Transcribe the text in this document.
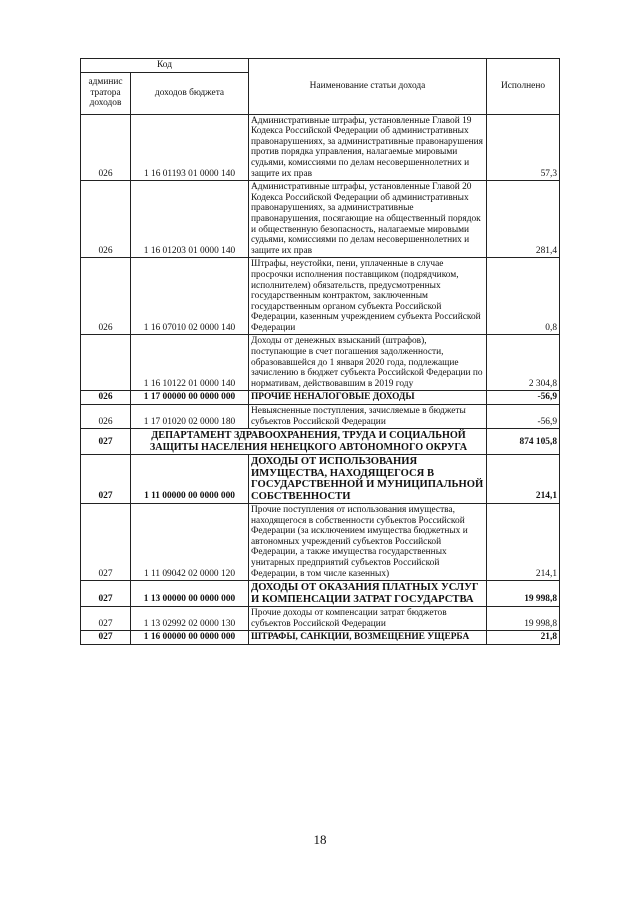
Код		Наименование статьи дохода	Исполнено
админис тратора доходов	доходов бюджета		
026	1 16 01193 01 0000 140	Административные штрафы, установленные Главой 19 Кодекса Российской Федерации об административных правонарушениях, за административные правонарушения против порядка управления, налагаемые мировыми судьями, комиссиями по делам несовершеннолетних и защите их прав	57,3
026	1 16 01203 01 0000 140	Административные штрафы, установленные Главой 20 Кодекса Российской Федерации об административных правонарушениях, за административные правонарушения, посягающие на общественный порядок и общественную безопасность, налагаемые мировыми судьями, комиссиями по делам несовершеннолетних и защите их прав	281,4
026	1 16 07010 02 0000 140	Штрафы, неустойки, пени, уплаченные в случае просрочки исполнения поставщиком (подрядчиком, исполнителем) обязательств, предусмотренных государственным контрактом, заключенным государственным органом субъекта Российской Федерации, казенным учреждением субъекта Российской Федерации	0,8
	1 16 10122 01 0000 140	Доходы от денежных взысканий (штрафов), поступающие в счет погашения задолженности, образовавшейся до 1 января 2020 года, подлежащие зачислению в бюджет субъекта Российской Федерации по нормативам, действовавшим в 2019 году	2 304,8
026	1 17 00000 00 0000 000	ПРОЧИЕ НЕНАЛОГОВЫЕ ДОХОДЫ	-56,9
026	1 17 01020 02 0000 180	Невыясненные поступления, зачисляемые в бюджеты субъектов Российской Федерации	-56,9
027	ДЕПАРТАМЕНТ ЗДРАВООХРАНЕНИЯ, ТРУДА И СОЦИАЛЬНОЙ ЗАЩИТЫ НАСЕЛЕНИЯ НЕНЕЦКОГО АВТОНОМНОГО ОКРУГА		874 105,8
027	1 11 00000 00 0000 000	ДОХОДЫ ОТ ИСПОЛЬЗОВАНИЯ ИМУЩЕСТВА, НАХОДЯЩЕГОСЯ В ГОСУДАРСТВЕННОЙ И МУНИЦИПАЛЬНОЙ СОБСТВЕННОСТИ	214,1
027	1 11 09042 02 0000 120	Прочие поступления от использования имущества, находящегося в собственности субъектов Российской Федерации (за исключением имущества бюджетных и автономных учреждений субъектов Российской Федерации, а также имущества государственных унитарных предприятий субъектов Российской Федерации, в том числе казенных)	214,1
027	1 13 00000 00 0000 000	ДОХОДЫ ОТ ОКАЗАНИЯ ПЛАТНЫХ УСЛУГ И КОМПЕНСАЦИИ ЗАТРАТ ГОСУДАРСТВА	19 998,8
027	1 13 02992 02 0000 130	Прочие доходы от компенсации затрат бюджетов субъектов Российской Федерации	19 998,8
027	1 16 00000 00 0000 000	ШТРАФЫ, САНКЦИИ, ВОЗМЕЩЕНИЕ УЩЕРБА	21,8
18
